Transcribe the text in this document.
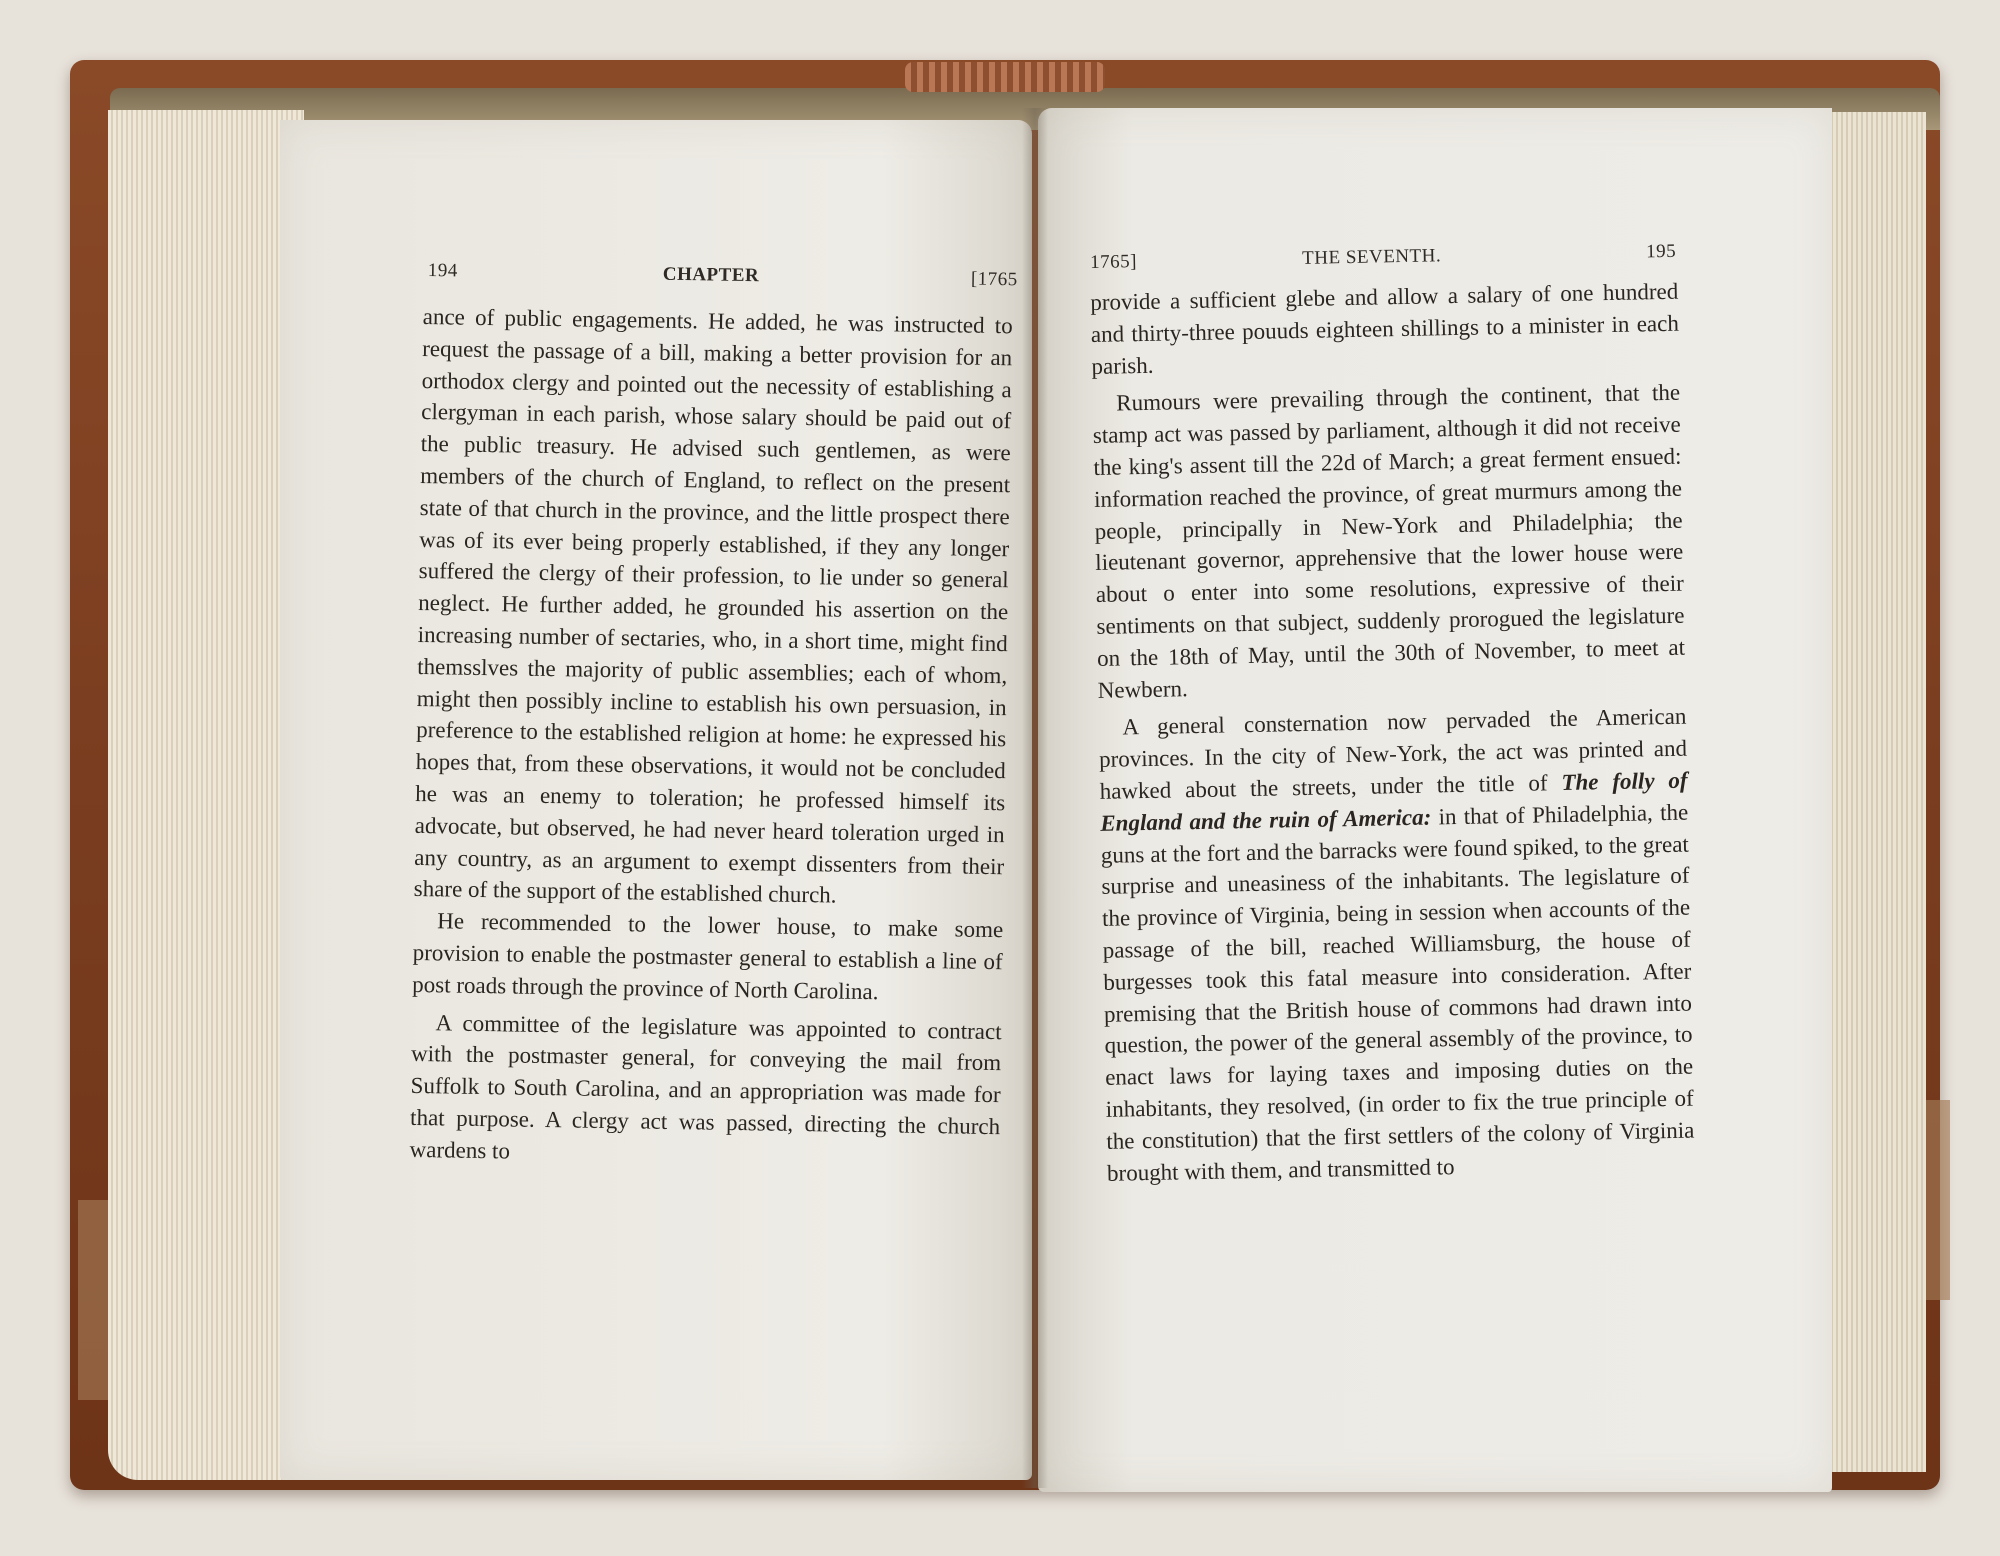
194	CHAPTER	[1765

ance of public engagements. He added, he was instructed to request the passage of a bill, making a better provision for an orthodox clergy and pointed out the necessity of establishing a clergyman in each parish, whose salary should be paid out of the public treasury. He advised such gentlemen, as were members of the church of England, to reflect on the present state of that church in the province, and the little prospect there was of its ever being properly established, if they any longer suffered the clergy of their profession, to lie under so general neglect. He further added, he grounded his assertion on the increasing number of sectaries, who, in a short time, might find themsslves the majority of public assemblies; each of whom, might then possibly incline to establish his own persuasion, in preference to the established religion at home: he expressed his hopes that, from these observations, it would not be concluded he was an enemy to toleration; he professed himself its advocate, but observed, he had never heard toleration urged in any country, as an argument to exempt dissenters from their share of the support of the established church.

He recommended to the lower house, to make some provision to enable the postmaster general to establish a line of post roads through the province of North Carolina.

A committee of the legislature was appointed to contract with the postmaster general, for conveying the mail from Suffolk to South Carolina, and an appropriation was made for that purpose. A clergy act was passed, directing the church wardens to

1765]	THE SEVENTH.	195

provide a sufficient glebe and allow a salary of one hundred and thirty-three pouuds eighteen shillings to a minister in each parish.

Rumours were prevailing through the continent, that the stamp act was passed by parliament, although it did not receive the king's assent till the 22d of March; a great ferment ensued: information reached the province, of great murmurs among the people, principally in New-York and Philadelphia; the lieutenant governor, apprehensive that the lower house were about o enter into some resolutions, expressive of their sentiments on that subject, suddenly prorogued the legislature on the 18th of May, until the 30th of November, to meet at Newbern.

A general consternation now pervaded the American provinces. In the city of New-York, the act was printed and hawked about the streets, under the title of The folly of England and the ruin of America: in that of Philadelphia, the guns at the fort and the barracks were found spiked, to the great surprise and uneasiness of the inhabitants. The legislature of the province of Virginia, being in session when accounts of the passage of the bill, reached Williamsburg, the house of burgesses took this fatal measure into consideration. After premising that the British house of commons had drawn into question, the power of the general assembly of the province, to enact laws for laying taxes and imposing duties on the inhabitants, they resolved, (in order to fix the true principle of the constitution) that the first settlers of the colony of Virginia brought with them, and transmitted to
